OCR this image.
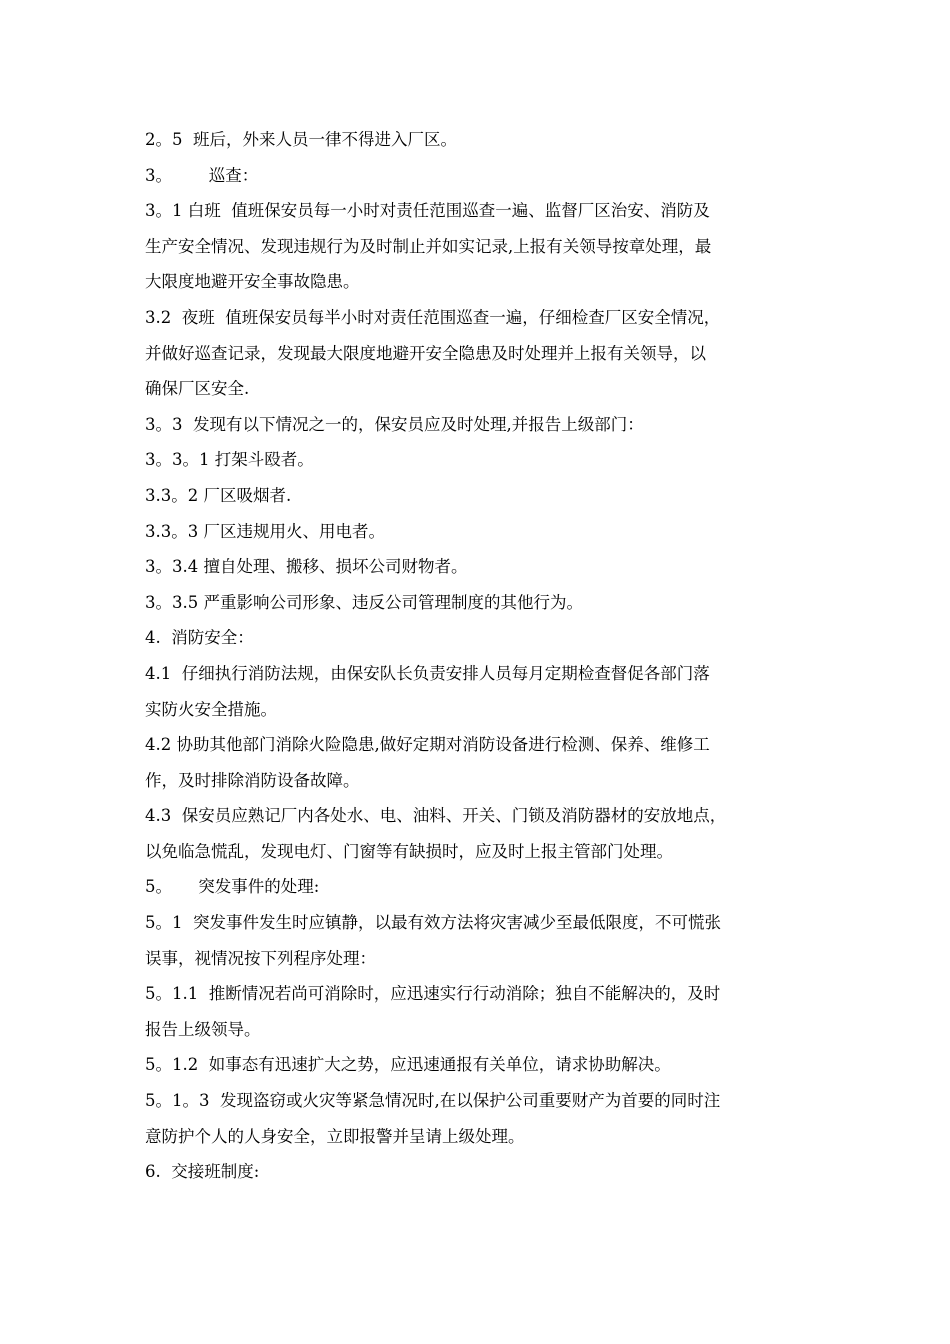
2。5  班后，外来人员一律不得进入厂区。
3。       巡查：
3。1 白班  值班保安员每一小时对责任范围巡查一遍、监督厂区治安、消防及
生产安全情况、发现违规行为及时制止并如实记录,上报有关领导按章处理，最
大限度地避开安全事故隐患。
3.2  夜班  值班保安员每半小时对责任范围巡查一遍，仔细检查厂区安全情况，
并做好巡查记录，发现最大限度地避开安全隐患及时处理并上报有关领导，以
确保厂区安全.
3。3  发现有以下情况之一的，保安员应及时处理,并报告上级部门：
3。3。1 打架斗殴者。
3.3。2 厂区吸烟者.
3.3。3 厂区违规用火、用电者。
3。3.4 擅自处理、搬移、损坏公司财物者。
3。3.5 严重影响公司形象、违反公司管理制度的其他行为。
4.  消防安全：
4.1  仔细执行消防法规，由保安队长负责安排人员每月定期检查督促各部门落
实防火安全措施。
4.2 协助其他部门消除火险隐患,做好定期对消防设备进行检测、保养、维修工
作，及时排除消防设备故障。
4.3  保安员应熟记厂内各处水、电、油料、开关、门锁及消防器材的安放地点，
以免临急慌乱，发现电灯、门窗等有缺损时，应及时上报主管部门处理。
5。     突发事件的处理:
5。1  突发事件发生时应镇静，以最有效方法将灾害减少至最低限度，不可慌张
误事，视情况按下列程序处理：
5。1.1  推断情况若尚可消除时，应迅速实行行动消除；独自不能解决的，及时
报告上级领导。
5。1.2  如事态有迅速扩大之势，应迅速通报有关单位，请求协助解决。
5。1。3  发现盗窃或火灾等紧急情况时,在以保护公司重要财产为首要的同时注
意防护个人的人身安全，立即报警并呈请上级处理。
6.  交接班制度:
